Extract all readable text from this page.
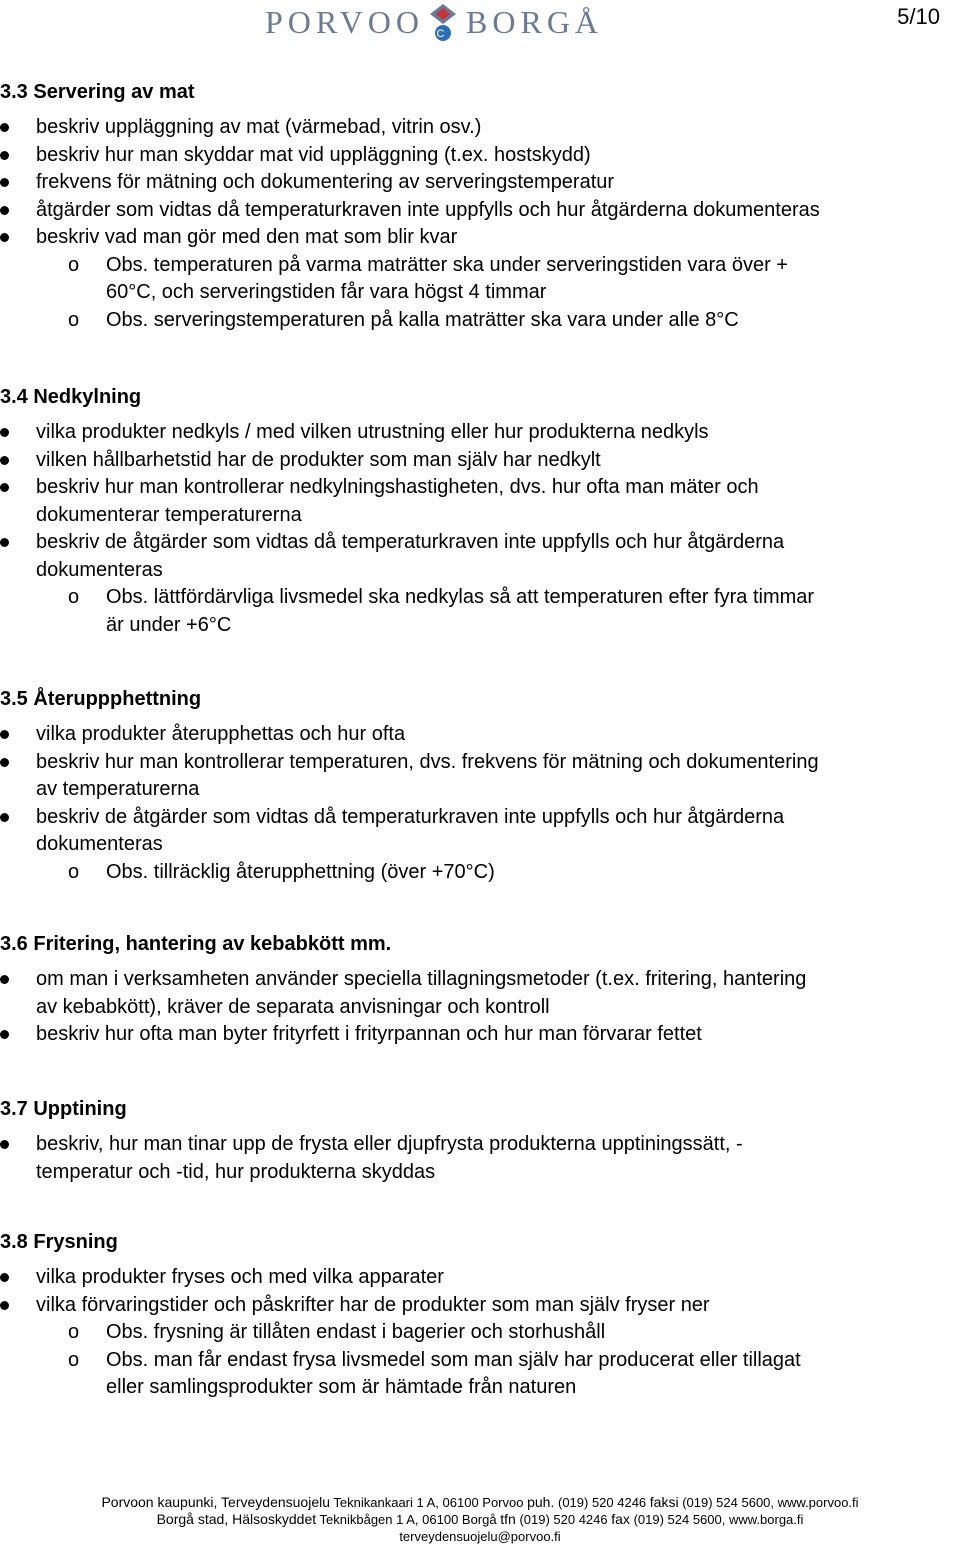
PORVOO C BORGÅ	5/10
3.3 Servering av mat
beskriv uppläggning av mat (värmebad, vitrin osv.)
beskriv hur man skyddar mat vid uppläggning (t.ex. hostskydd)
frekvens för mätning och dokumentering av serveringstemperatur
åtgärder som vidtas då temperaturkraven inte uppfylls och hur åtgärderna dokumenteras
beskriv vad man gör med den mat som blir kvar
o Obs. temperaturen på varma maträtter ska under serveringstiden vara över +
60°C, och serveringstiden får vara högst 4 timmar
o Obs. serveringstemperaturen på kalla maträtter ska vara under alle 8°C
3.4 Nedkylning
vilka produkter nedkyls / med vilken utrustning eller hur produkterna nedkyls
vilken hållbarhetstid har de produkter som man själv har nedkylt
beskriv hur man kontrollerar nedkylningshastigheten, dvs. hur ofta man mäter och
dokumenterar temperaturerna
beskriv de åtgärder som vidtas då temperaturkraven inte uppfylls och hur åtgärderna
dokumenteras
o Obs. lättfördärvliga livsmedel ska nedkylas så att temperaturen efter fyra timmar
är under +6°C
3.5 Återuppphettning
vilka produkter återupphettas och hur ofta
beskriv hur man kontrollerar temperaturen, dvs. frekvens för mätning och dokumentering
av temperaturerna
beskriv de åtgärder som vidtas då temperaturkraven inte uppfylls och hur åtgärderna
dokumenteras
o Obs. tillräcklig återupphettning (över +70°C)
3.6 Fritering, hantering av kebabkött mm.
om man i verksamheten använder speciella tillagningsmetoder (t.ex. fritering, hantering
av kebabkött), kräver de separata anvisningar och kontroll
beskriv hur ofta man byter frityrfett i frityrpannan och hur man förvarar fettet
3.7 Upptining
beskriv, hur man tinar upp de frysta eller djupfrysta produkterna upptiningssätt, -
temperatur och -tid, hur produkterna skyddas
3.8 Frysning
vilka produkter fryses och med vilka apparater
vilka förvaringstider och påskrifter har de produkter som man själv fryser ner
o Obs. frysning är tillåten endast i bagerier och storhushåll
o Obs. man får endast frysa livsmedel som man själv har producerat eller tillagat
eller samlingsprodukter som är hämtade från naturen
Porvoon kaupunki, Terveydensuojelu Teknikankaari 1 A, 06100 Porvoo puh. (019) 520 4246 faksi (019) 524 5600, www.porvoo.fi
Borgå stad, Hälsoskyddet Teknikbågen 1 A, 06100 Borgå tfn (019) 520 4246 fax (019) 524 5600, www.borga.fi
terveydensuojelu@porvoo.fi
